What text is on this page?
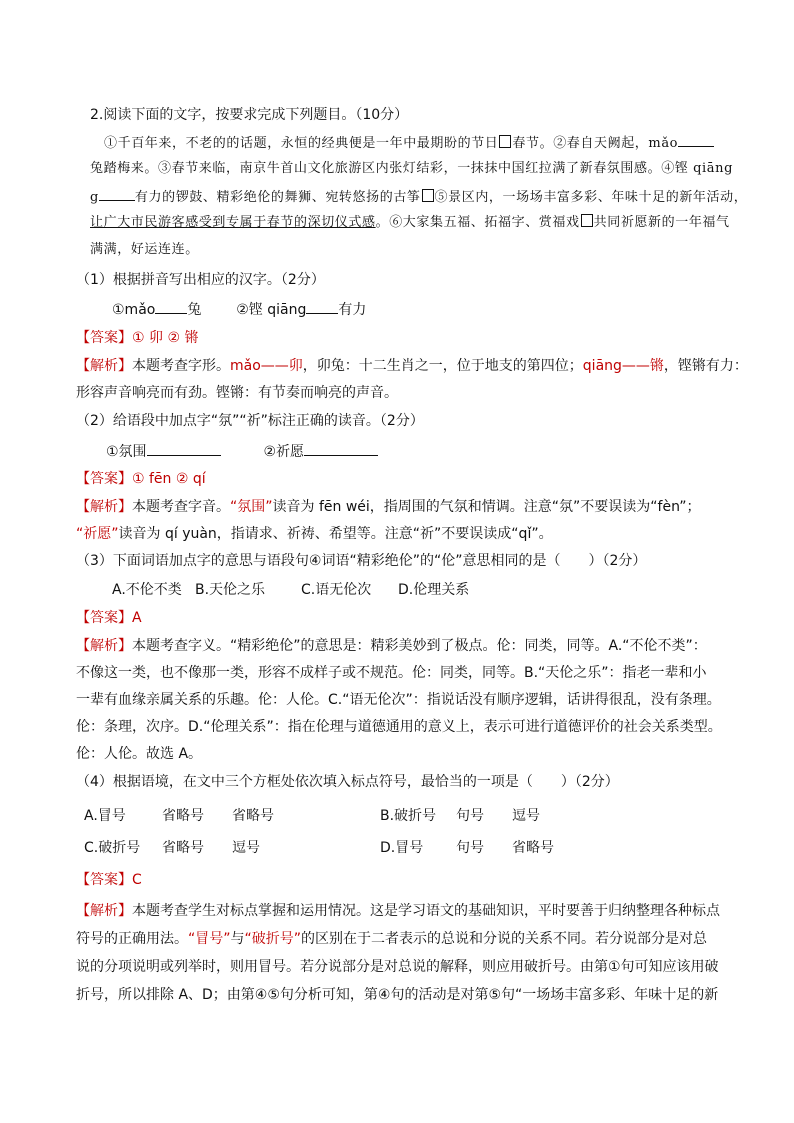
2.阅读下面的文字，按要求完成下列题目。（10分）
①千百年来，不老的的话题，永恒的经典便是一年中最期盼的节日 春节。②春自天阙起，mǎo
兔踏梅来。③春节来临，南京牛首山文化旅游区内张灯结彩，一抹抹中国红拉满了新春氛围感。④铿 qiāng
g	有力的锣鼓、精彩绝伦的舞狮、宛转悠扬的古筝 ⑤景区内，一场场丰富多彩、年味十足的新年活动，
让广大市民游客感受到专属于春节的深切仪式感。⑥大家集五福、拓福字、赏福戏 共同祈愿新的一年福气
满满，好运连连。
（1）根据拼音写出相应的汉字。（2分）
①mǎo 兔 ②铿 qiāng 有力
【答案】① 卯 ② 锵
【解析】本题考查字形。mǎo——卯，卯兔：十二生肖之一，位于地支的第四位；qiāng——锵，铿锵有力：
形容声音响亮而有劲。铿锵：有节奏而响亮的声音。
（2）给语段中加点字“氛”“祈”标注正确的读音。（2分）
①氛围	②祈愿
【答案】① fēn ② qí
【解析】本题考查字音。“氛围”读音为 fēn wéi，指周围的气氛和情调。注意“氛”不要误读为“fèn”；
“祈愿”读音为 qí yuàn，指请求、祈祷、希望等。注意“祈”不要误读成“qǐ”。
（3）下面词语加点字的意思与语段句④词语“精彩绝伦”的“伦”意思相同的是（　　）（2分）
A.不伦不类 B.天伦之乐	C.语无伦次 D.伦理关系
【答案】A
【解析】本题考查字义。“精彩绝伦”的意思是：精彩美妙到了极点。伦：同类，同等。A.“不伦不类”：
不像这一类，也不像那一类，形容不成样子或不规范。伦：同类，同等。B.“天伦之乐”：指老一辈和小
一辈有血缘亲属关系的乐趣。伦：人伦。C.“语无伦次”：指说话没有顺序逻辑，话讲得很乱，没有条理。
伦：条理，次序。D.“伦理关系”：指在伦理与道德通用的意义上，表示可进行道德评价的社会关系类型。
伦：人伦。故选 A。
（4）根据语境，在文中三个方框处依次填入标点符号，最恰当的一项是（　　）（2分）
A.冒号	省略号 省略号	B.破折号 句号 逗号
C.破折号 省略号 逗号	D.冒号 句号 省略号
【答案】C
【解析】本题考查学生对标点掌握和运用情况。这是学习语文的基础知识，平时要善于归纳整理各种标点
符号的正确用法。“冒号”与“破折号”的区别在于二者表示的总说和分说的关系不同。若分说部分是对总
说的分项说明或列举时，则用冒号。若分说部分是对总说的解释，则应用破折号。由第①句可知应该用破
折号，所以排除 A、D；由第④⑤句分析可知，第④句的活动是对第⑤句“一场场丰富多彩、年味十足的新
